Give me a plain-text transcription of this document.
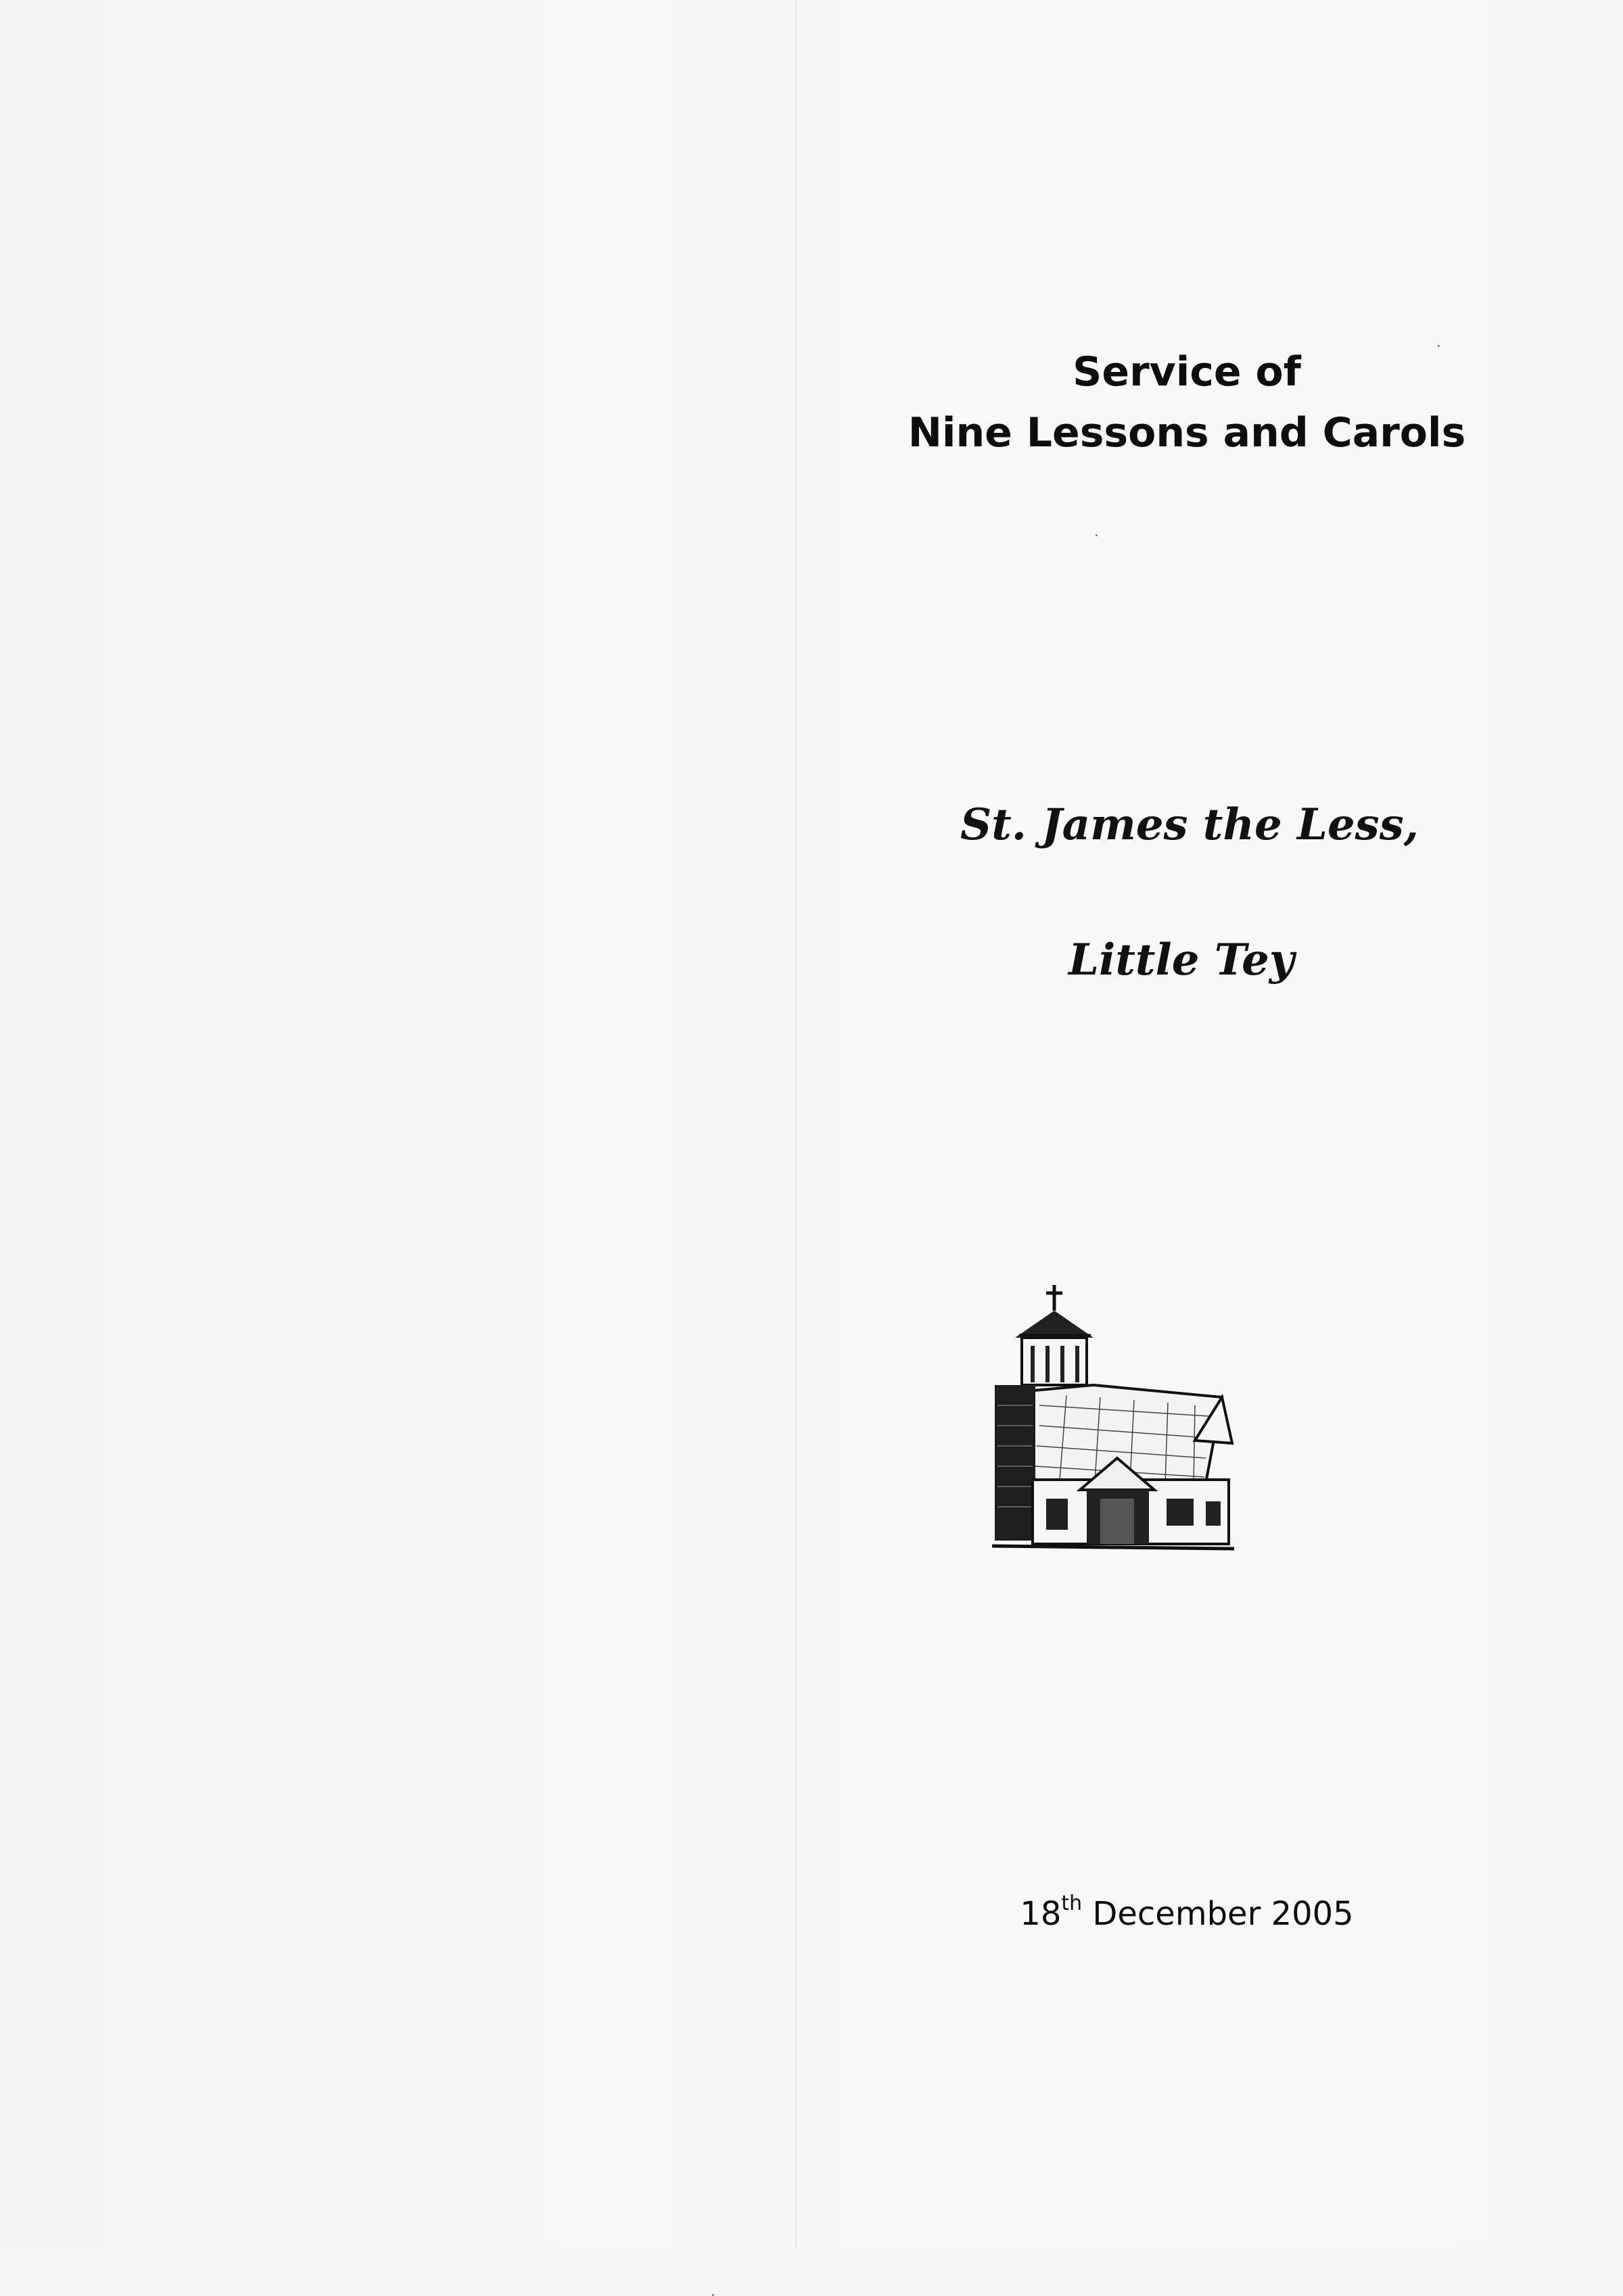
Service of
Nine Lessons and Carols
St. James the Less,
Little Tey
18th December 2005
